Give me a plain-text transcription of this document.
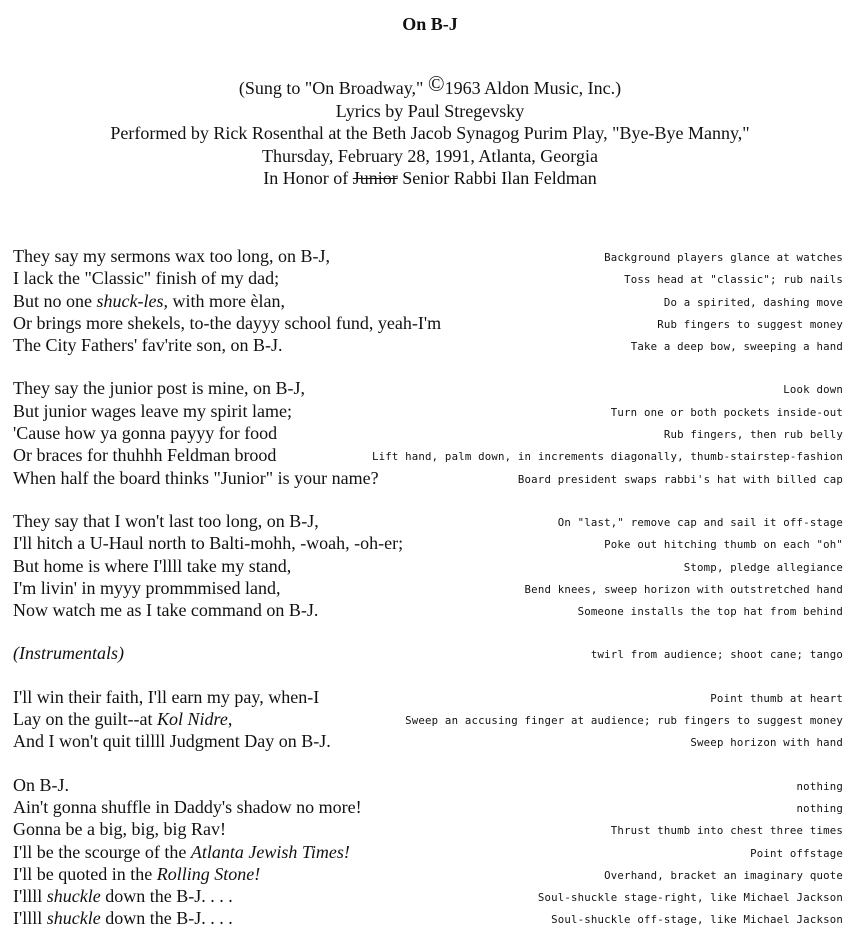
On B-J
(Sung to "On Broadway," ©1963 Aldon Music, Inc.)
Lyrics by Paul Stregevsky
Performed by Rick Rosenthal at the Beth Jacob Synagog Purim Play, "Bye-Bye Manny,"
Thursday, February 28, 1991, Atlanta, Georgia
In Honor of Junior Senior Rabbi Ilan Feldman
They say my sermons wax too long, on B-J,	Background players glance at watches
I lack the "Classic" finish of my dad;	Toss head at "classic"; rub nails
But no one shuck-les, with more èlan,	Do a spirited, dashing move
Or brings more shekels, to-the dayyy school fund, yeah-I'm	Rub fingers to suggest money
The City Fathers' fav'rite son, on B-J.	Take a deep bow, sweeping a hand
They say the junior post is mine, on B-J,	Look down
But junior wages leave my spirit lame;	Turn one or both pockets inside-out
'Cause how ya gonna payyy for food	Rub fingers, then rub belly
Or braces for thuhhh Feldman brood	Lift hand, palm down, in increments diagonally, thumb-stairstep-fashion
When half the board thinks "Junior" is your name?	Board president swaps rabbi's hat with billed cap
They say that I won't last too long, on B-J,	On "last," remove cap and sail it off-stage
I'll hitch a U-Haul north to Balti-mohh, -woah, -oh-er;	Poke out hitching thumb on each "oh"
But home is where I'llll take my stand,	Stomp, pledge allegiance
I'm livin' in myyy prommmised land,	Bend knees, sweep horizon with outstretched hand
Now watch me as I take command on B-J.	Someone installs the top hat from behind
(Instrumentals)	twirl from audience; shoot cane; tango
I'll win their faith, I'll earn my pay, when-I	Point thumb at heart
Lay on the guilt--at Kol Nidre,	Sweep an accusing finger at audience; rub fingers to suggest money
And I won't quit tillll Judgment Day on B-J.	Sweep horizon with hand
On B-J.	nothing
Ain't gonna shuffle in Daddy's shadow no more!	nothing
Gonna be a big, big, big Rav!	Thrust thumb into chest three times
I'll be the scourge of the Atlanta Jewish Times!	Point offstage
I'll be quoted in the Rolling Stone!	Overhand, bracket an imaginary quote
I'llll shuckle down the B-J. . . .	Soul-shuckle stage-right, like Michael Jackson
I'llll shuckle down the B-J. . . .	Soul-shuckle off-stage, like Michael Jackson
